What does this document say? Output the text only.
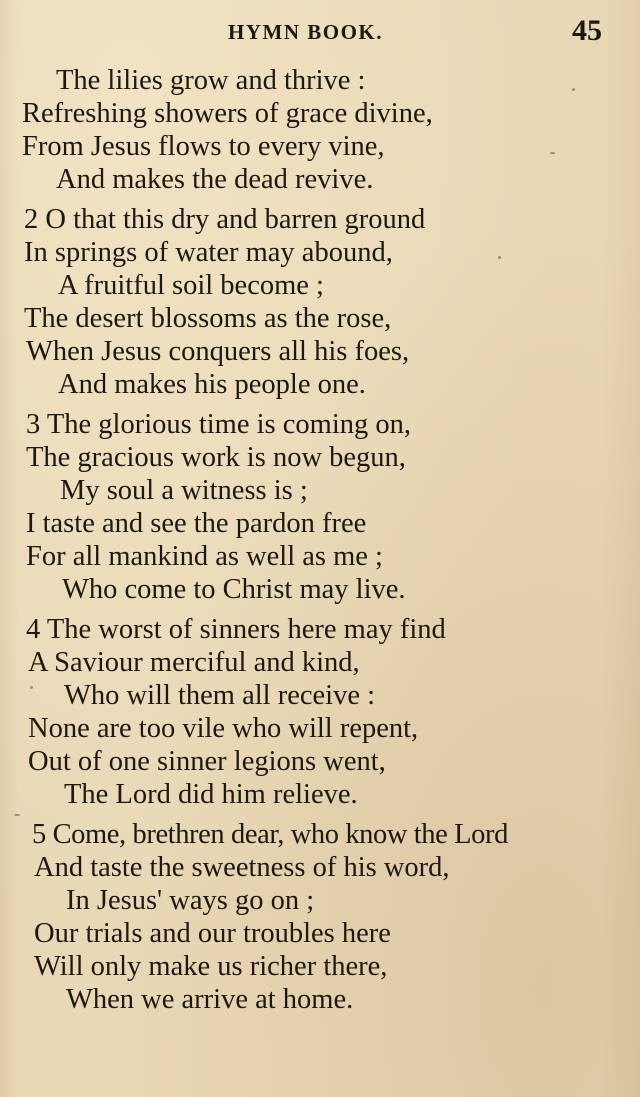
HYMN BOOK.	45
The lilies grow and thrive :
Refreshing showers of grace divine,
From Jesus flows to every vine,
And makes the dead revive.
2 O that this dry and barren ground
In springs of water may abound,
A fruitful soil become ;
The desert blossoms as the rose,
When Jesus conquers all his foes,
And makes his people one.
3 The glorious time is coming on,
The gracious work is now begun,
My soul a witness is ;
I taste and see the pardon free
For all mankind as well as me ;
Who come to Christ may live.
4 The worst of sinners here may find
A Saviour merciful and kind,
Who will them all receive :
None are too vile who will repent,
Out of one sinner legions went,
The Lord did him relieve.
5 Come, brethren dear, who know the Lord
And taste the sweetness of his word,
In Jesus' ways go on ;
Our trials and our troubles here
Will only make us richer there,
When we arrive at home.
